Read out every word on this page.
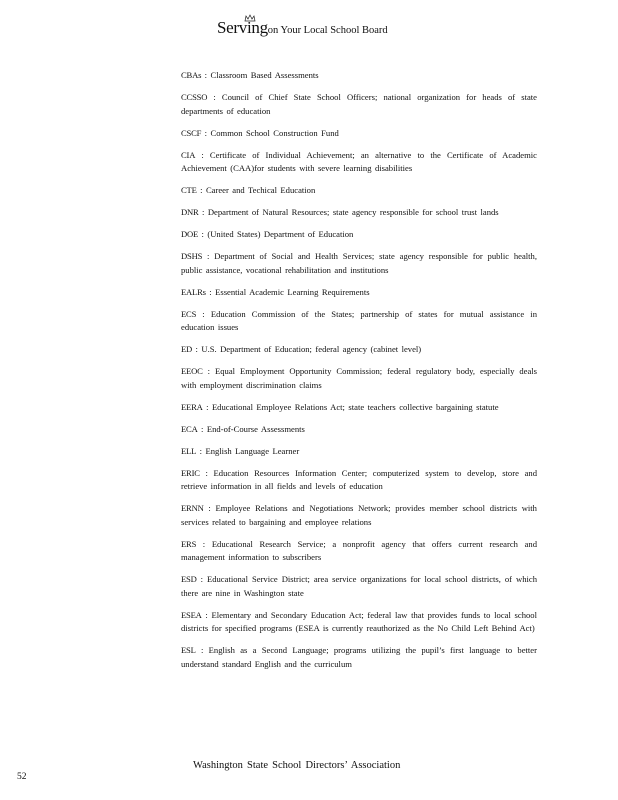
Servingon Your Local School Board

CBAs : Classroom Based Assessments

CCSSO : Council of Chief State School Officers; national organization for heads of state departments of education

CSCF : Common School Construction Fund

CIA : Certificate of Individual Achievement; an alternative to the Certificate of Academic Achievement (CAA)for students with severe learning disabilities

CTE : Career and Techical Education

DNR : Department of Natural Resources; state agency responsible for school trust lands

DOE : (United States) Department of Education

DSHS : Department of Social and Health Services; state agency responsible for public health, public assistance, vocational rehabilitation and institutions

EALRs : Essential Academic Learning Requirements

ECS : Education Commission of the States; partnership of states for mutual assistance in education issues

ED : U.S. Department of Education; federal agency (cabinet level)

EEOC : Equal Employment Opportunity Commission; federal regulatory body, especially deals with employment discrimination claims

EERA : Educational Employee Relations Act; state teachers collective bargaining statute

ECA : End-of-Course Assessments

ELL : English Language Learner

ERIC : Education Resources Information Center; computerized system to develop, store and retrieve information in all fields and levels of education

ERNN : Employee Relations and Negotiations Network; provides member school districts with services related to bargaining and employee relations

ERS : Educational Research Service; a nonprofit agency that offers current research and management information to subscribers

ESD : Educational Service District; area service organizations for local school districts, of which there are nine in Washington state

ESEA : Elementary and Secondary Education Act; federal law that provides funds to local school districts for specified programs (ESEA is currently reauthorized as the No Child Left Behind Act)

ESL : English as a Second Language; programs utilizing the pupil’s first language to better understand standard English and the curriculum

Washington State School Directors’ Association
52
